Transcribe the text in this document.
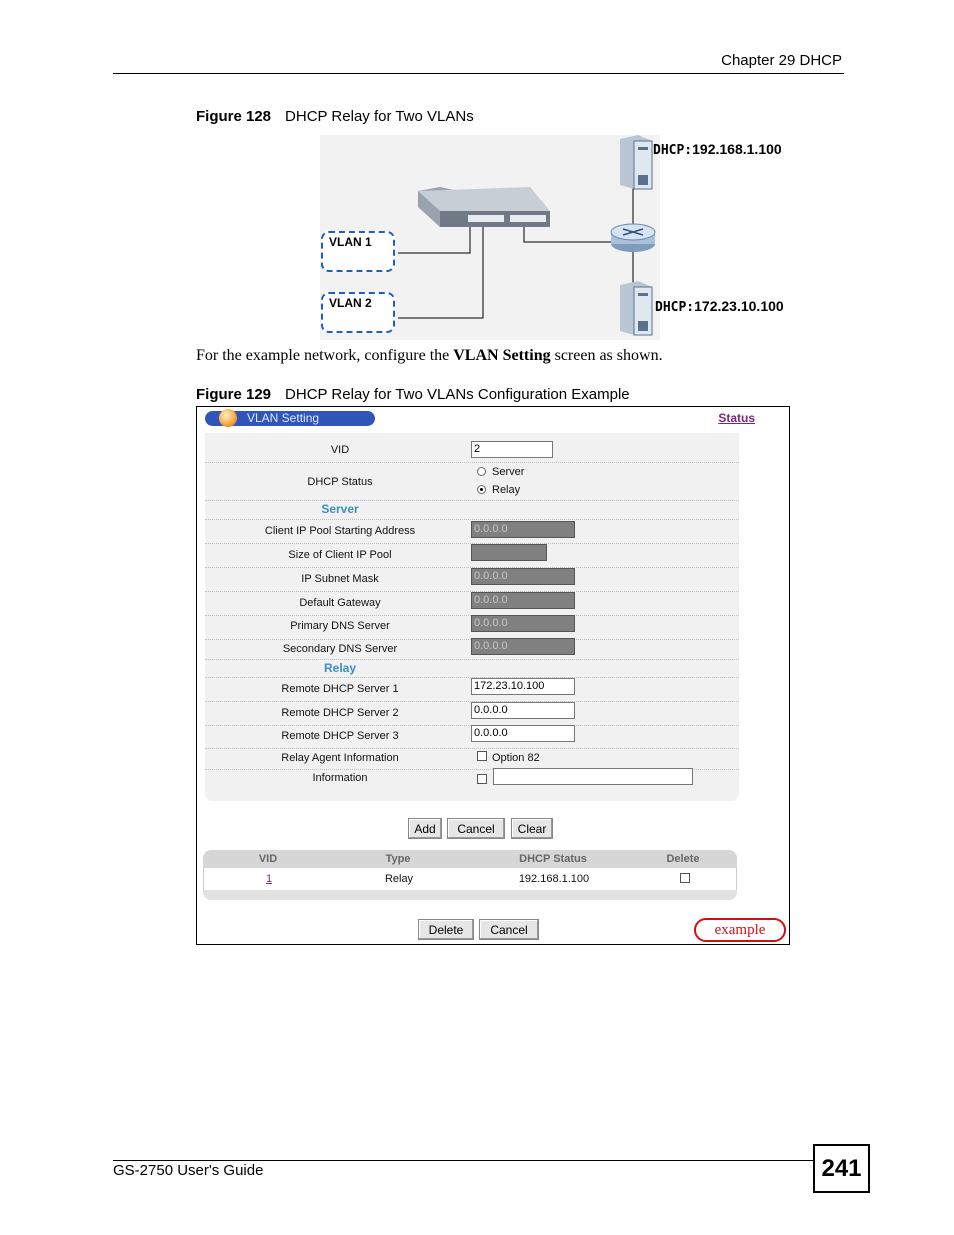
Chapter 29 DHCP
Figure 128 DHCP Relay for Two VLANs
VLAN 1
VLAN 2
DHCP:192.168.1.100
DHCP:172.23.10.100
For the example network, configure the VLAN Setting screen as shown.
Figure 129 DHCP Relay for Two VLANs Configuration Example
VLAN Setting	Status
VID	2
DHCP Status
Server
Relay
Server
Client IP Pool Starting Address	0.0.0.0
Size of Client IP Pool
IP Subnet Mask	0.0.0.0
Default Gateway	0.0.0.0
Primary DNS Server	0.0.0.0
Secondary DNS Server	0.0.0.0
Relay
Remote DHCP Server 1	172.23.10.100
Remote DHCP Server 2	0.0.0.0
Remote DHCP Server 3	0.0.0.0
Relay Agent Information	Option 82
Information
Add	Cancel	Clear
VID	Type	DHCP Status	Delete
1	Relay	192.168.1.100
Delete	Cancel	example
GS-2750 User's Guide	241
